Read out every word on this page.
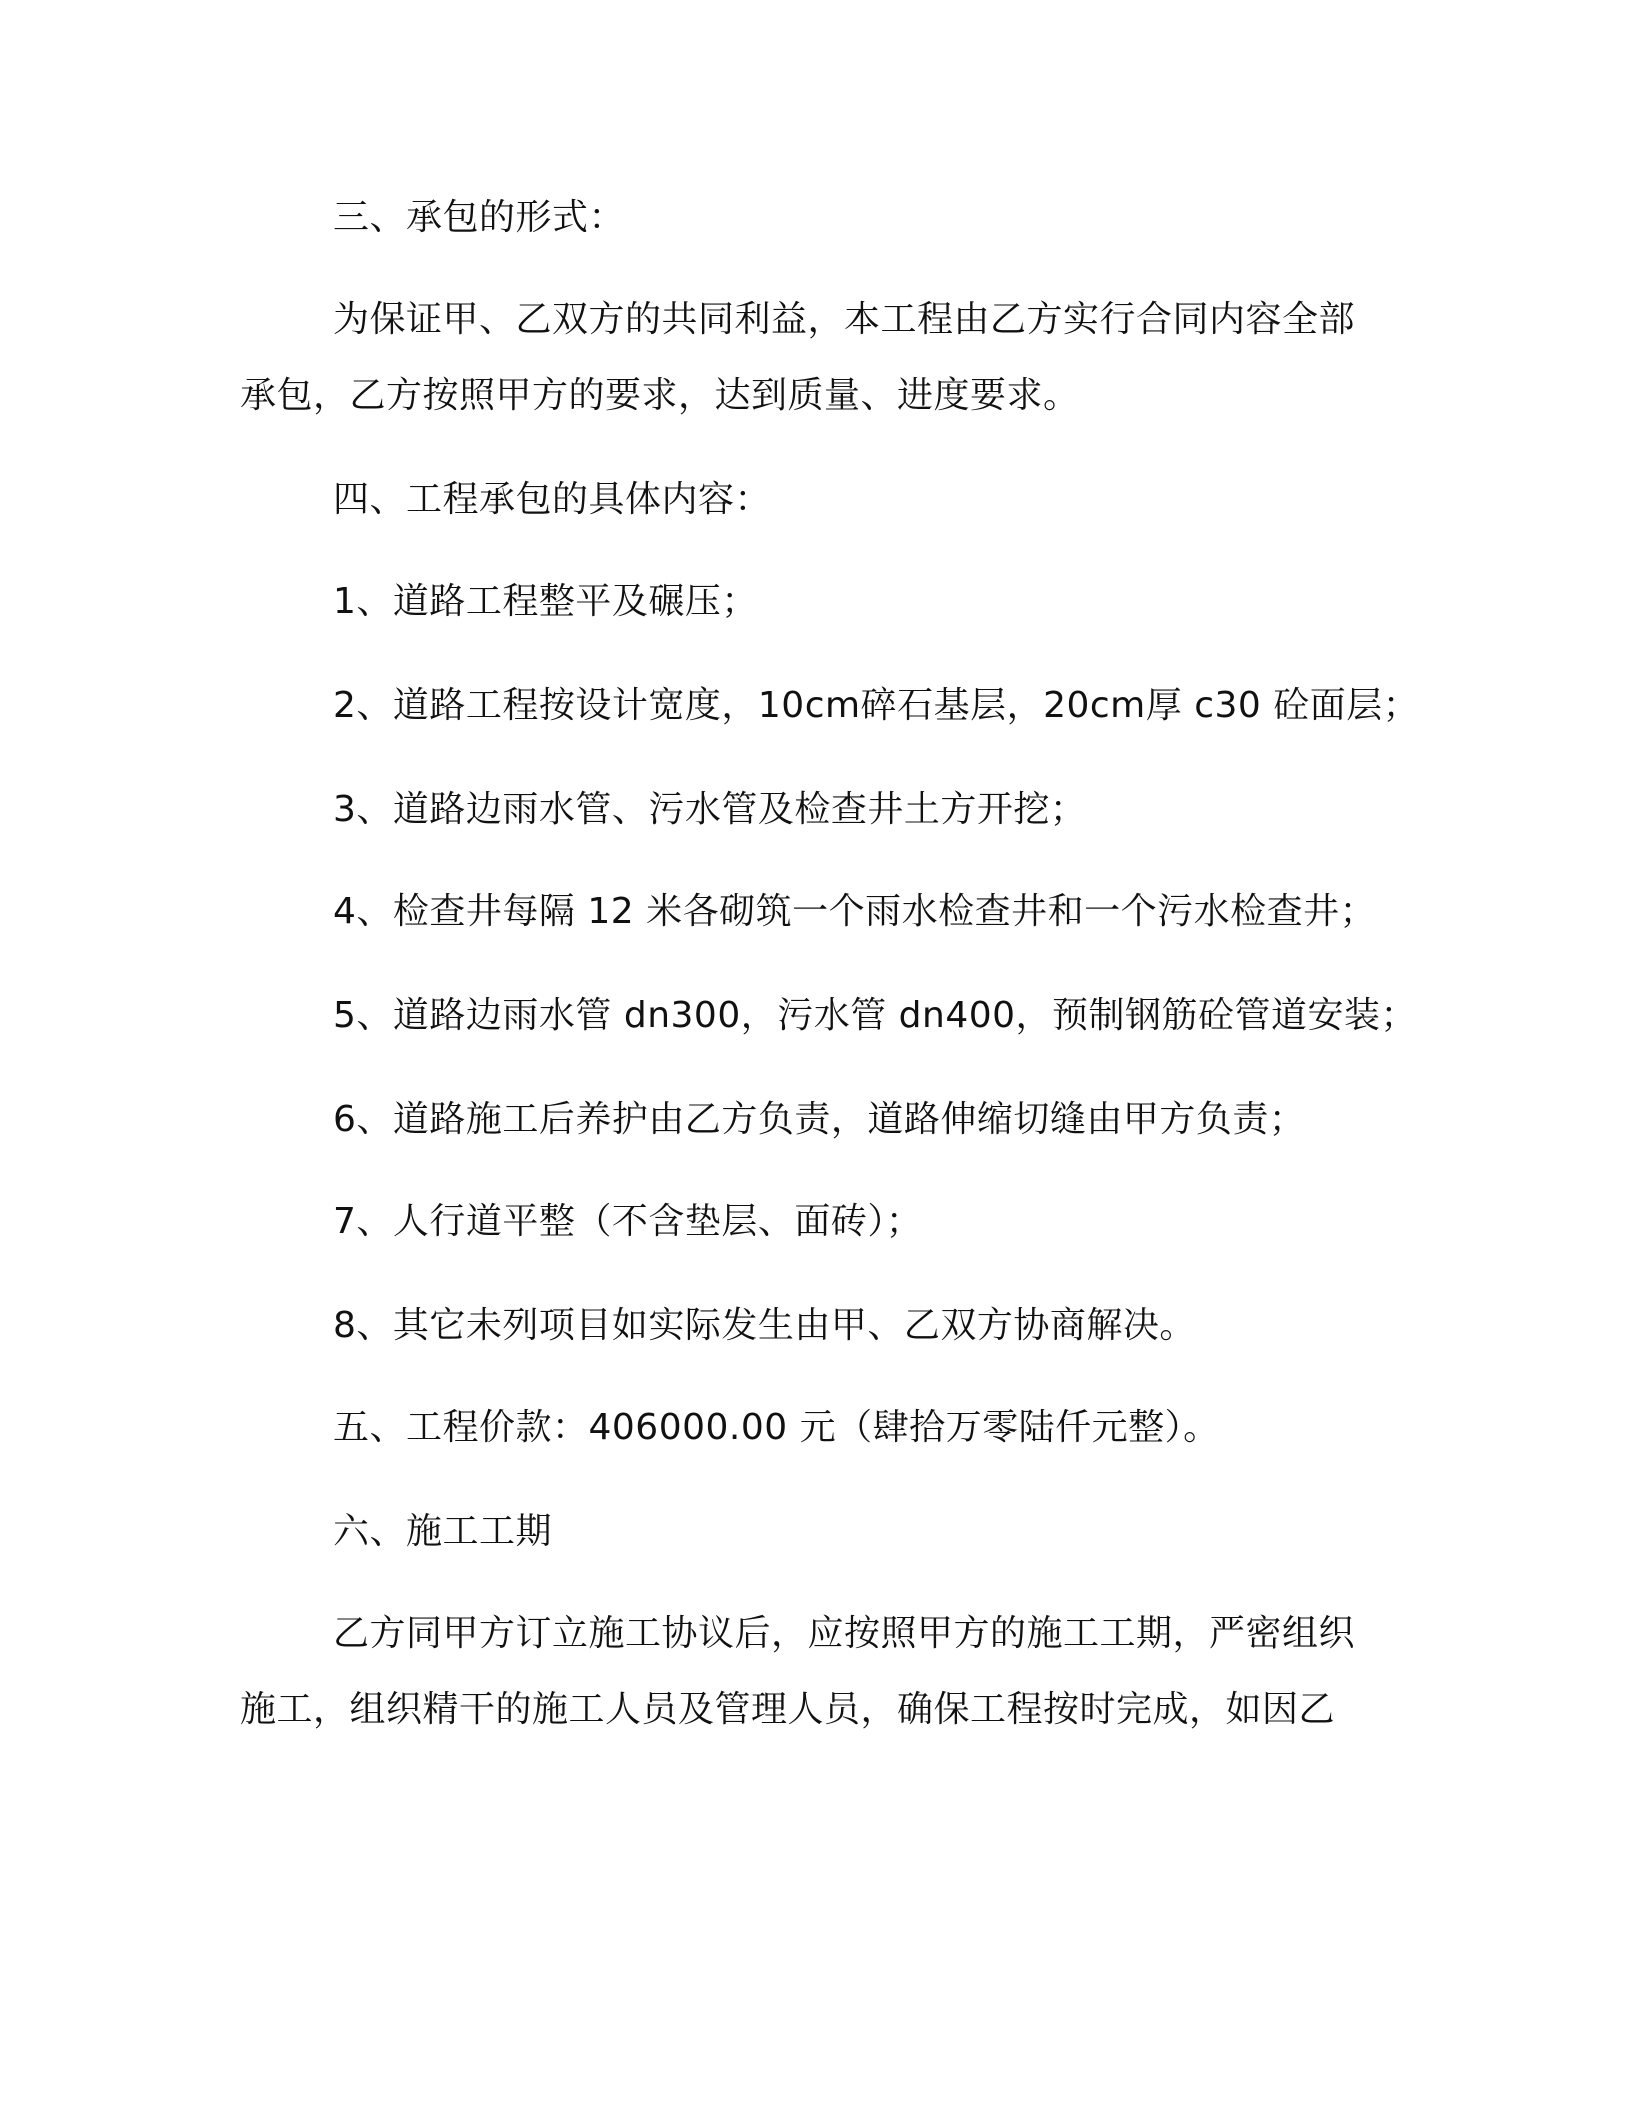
三、承包的形式：
为保证甲、乙双方的共同利益，本工程由乙方实行合同内容全部
承包，乙方按照甲方的要求，达到质量、进度要求。
四、工程承包的具体内容：
1、道路工程整平及碾压；
2、道路工程按设计宽度，10cm碎石基层，20cm厚 c30 砼面层；
3、道路边雨水管、污水管及检查井土方开挖；
4、检查井每隔 12 米各砌筑一个雨水检查井和一个污水检查井；
5、道路边雨水管 dn300，污水管 dn400，预制钢筋砼管道安装；
6、道路施工后养护由乙方负责，道路伸缩切缝由甲方负责；
7、人行道平整（不含垫层、面砖）；
8、其它未列项目如实际发生由甲、乙双方协商解决。
五、工程价款：406000.00 元（肆拾万零陆仟元整）。
六、施工工期
乙方同甲方订立施工协议后，应按照甲方的施工工期，严密组织
施工，组织精干的施工人员及管理人员，确保工程按时完成，如因乙
